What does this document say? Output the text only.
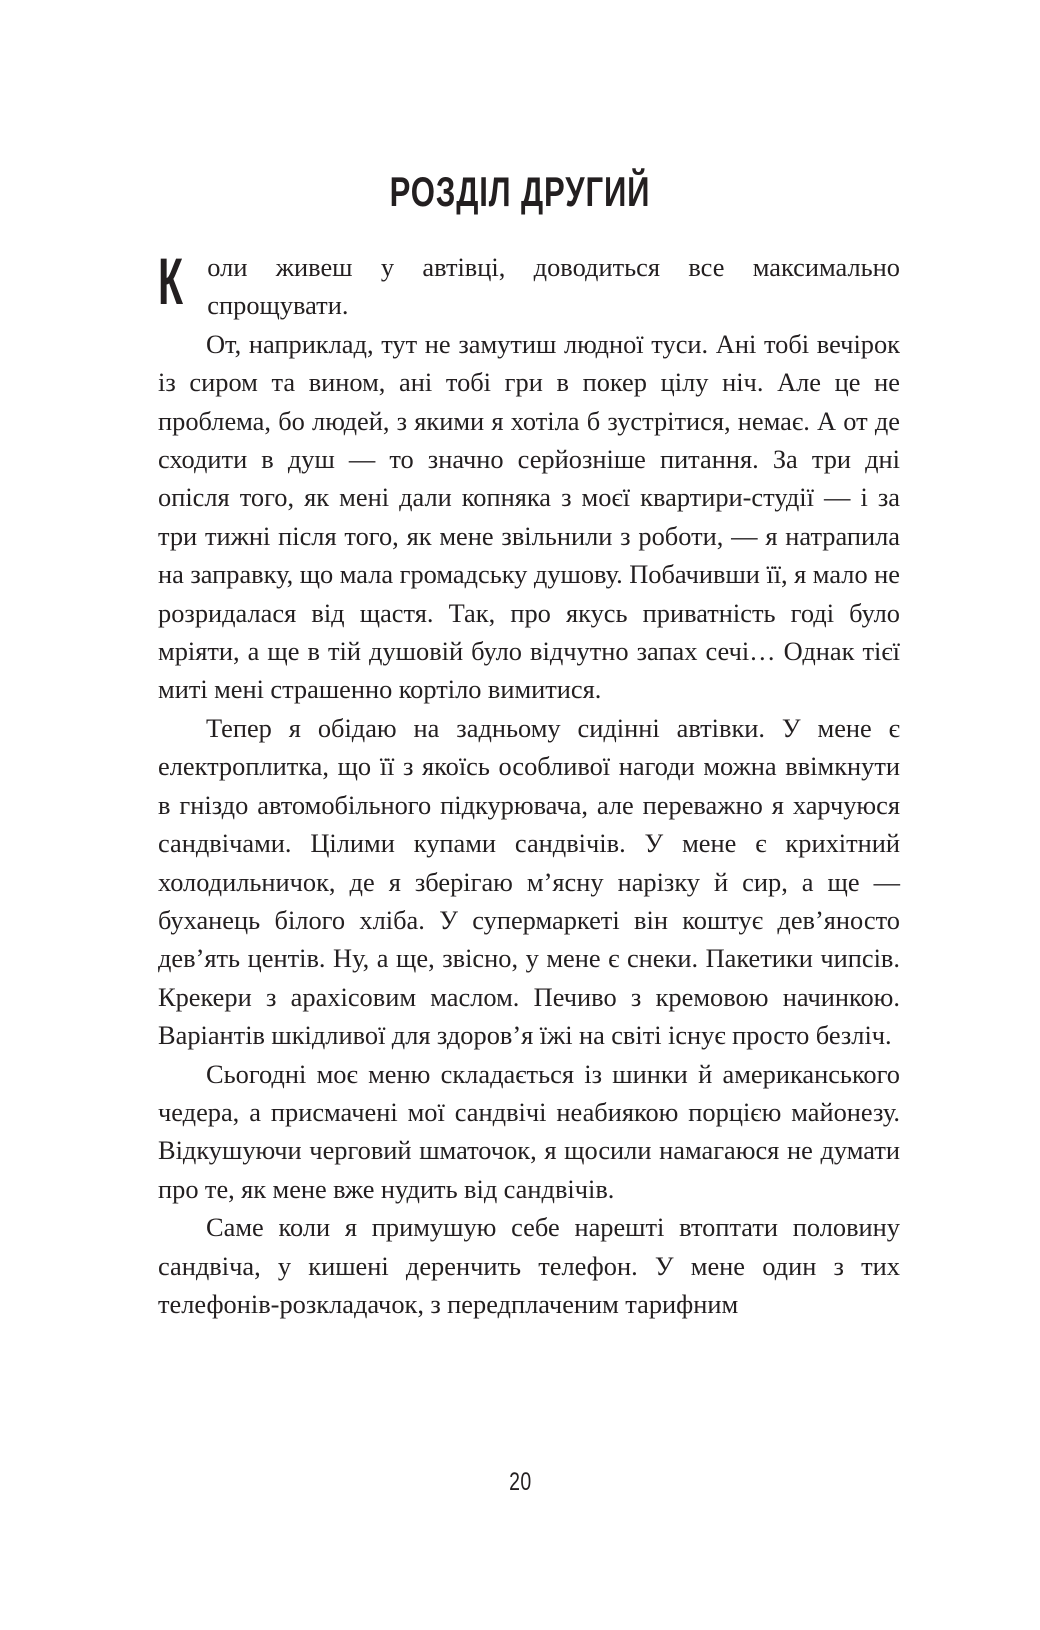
РОЗДІЛ ДРУГИЙ

Коли живеш у автівці, доводиться все максимально спрощувати.

От, наприклад, тут не замутиш людної туси. Ані тобі вечірок із сиром та вином, ані тобі гри в покер цілу ніч. Але це не проблема, бо людей, з якими я хотіла б зустрітися, немає. А от де сходити в душ — то значно серйозніше питання. За три дні опісля того, як мені дали копняка з моєї квартири-студії — і за три тижні після того, як мене звільнили з роботи, — я натрапила на заправку, що мала громадську душову. Побачивши її, я мало не розридалася від щастя. Так, про якусь приватність годі було мріяти, а ще в тій душовій було відчутно запах сечі… Однак тієї миті мені страшенно кортіло вимитися.

Тепер я обідаю на задньому сидінні автівки. У мене є електроплитка, що її з якоїсь особливої нагоди можна ввімкнути в гніздо автомобільного підкурювача, але переважно я харчуюся сандвічами. Цілими купами сандвічів. У мене є крихітний холодильничок, де я зберігаю м’ясну нарізку й сир, а ще — буханець білого хліба. У супермаркеті він коштує дев’яносто дев’ять центів. Ну, а ще, звісно, у мене є снеки. Пакетики чипсів. Крекери з арахісовим маслом. Печиво з кремовою начинкою. Варіантів шкідливої для здоров’я їжі на світі існує просто безліч.

Сьогодні моє меню складається із шинки й американського чедера, а присмачені мої сандвічі неабиякою порцією майонезу. Відкушуючи черговий шматочок, я щосили намагаюся не думати про те, як мене вже нудить від сандвічів.

Саме коли я примушую себе нарешті втоптати половину сандвіча, у кишені деренчить телефон. У мене один з тих телефонів-розкладачок, з передплаченим тарифним

20
